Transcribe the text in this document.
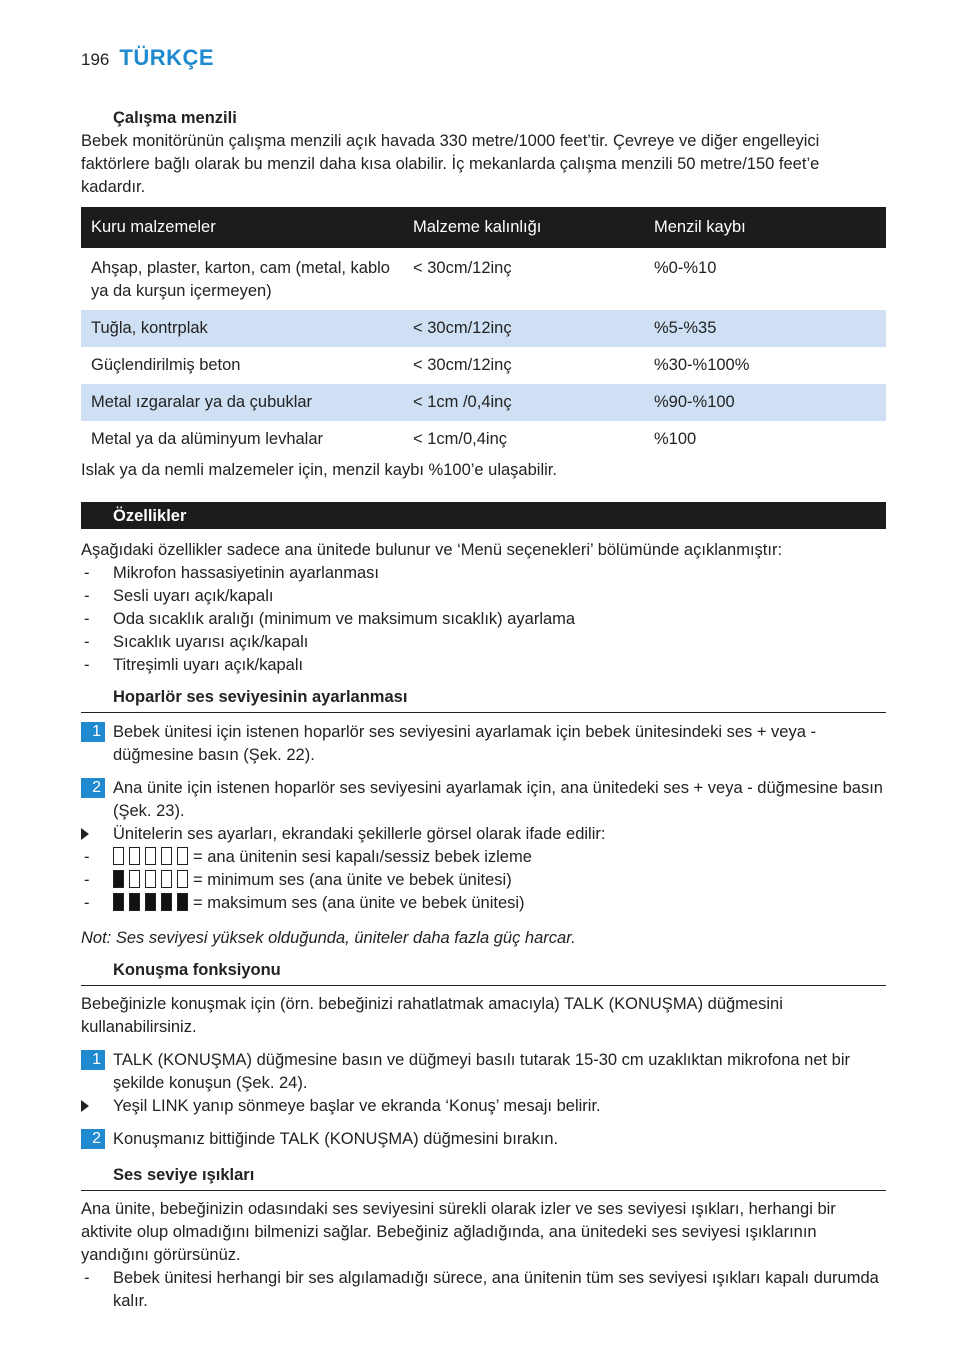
196 TÜRKÇE
Çalışma menzili

Bebek monitörünün çalışma menzili açık havada 330 metre/1000 feet’tir. Çevreye ve diğer engelleyici faktörlere bağlı olarak bu menzil daha kısa olabilir. İç mekanlarda çalışma menzili 50 metre/150 feet’e kadardır.

Kuru malzemeler	Malzeme kalınlığı	Menzil kaybı
Ahşap, plaster, karton, cam (metal, kablo ya da kurşun içermeyen)	< 30cm/12inç	%0-%10
Tuğla, kontrplak	< 30cm/12inç	%5-%35
Güçlendirilmiş beton	< 30cm/12inç	%30-%100%
Metal ızgaralar ya da çubuklar	< 1cm /0,4inç	%90-%100
Metal ya da alüminyum levhalar	< 1cm/0,4inç	%100

Islak ya da nemli malzemeler için, menzil kaybı %100’e ulaşabilir.

Özellikler

Aşağıdaki özellikler sadece ana ünitede bulunur ve ‘Menü seçenekleri’ bölümünde açıklanmıştır:

- Mikrofon hassasiyetinin ayarlanması
- Sesli uyarı açık/kapalı
- Oda sıcaklık aralığı (minimum ve maksimum sıcaklık) ayarlama
- Sıcaklık uyarısı açık/kapalı
- Titreşimli uyarı açık/kapalı
Hoparlör ses seviyesinin ayarlanması
1 Bebek ünitesi için istenen hoparlör ses seviyesini ayarlamak için bebek ünitesindeki ses + veya - düğmesine basın (Şek. 22).
2 Ana ünite için istenen hoparlör ses seviyesini ayarlamak için, ana ünitedeki ses + veya - düğmesine basın (Şek. 23).
Ünitelerin ses ayarları, ekrandaki şekillerle görsel olarak ifade edilir:
- = ana ünitenin sesi kapalı/sessiz bebek izleme
- = minimum ses (ana ünite ve bebek ünitesi)
- = maksimum ses (ana ünite ve bebek ünitesi)

Not: Ses seviyesi yüksek olduğunda, üniteler daha fazla güç harcar.

Konuşma fonksiyonu

Bebeğinizle konuşmak için (örn. bebeğinizi rahatlatmak amacıyla) TALK (KONUŞMA) düğmesini kullanabilirsiniz.

1 TALK (KONUŞMA) düğmesine basın ve düğmeyi basılı tutarak 15-30 cm uzaklıktan mikrofona net bir şekilde konuşun (Şek. 24).
Yeşil LINK yanıp sönmeye başlar ve ekranda ‘Konuş’ mesajı belirir.
2 Konuşmanız bittiğinde TALK (KONUŞMA) düğmesini bırakın.
Ses seviye ışıkları

Ana ünite, bebeğinizin odasındaki ses seviyesini sürekli olarak izler ve ses seviyesi ışıkları, herhangi bir aktivite olup olmadığını bilmenizi sağlar. Bebeğiniz ağladığında, ana ünitedeki ses seviyesi ışıklarının yandığını görürsünüz.

- Bebek ünitesi herhangi bir ses algılamadığı sürece, ana ünitenin tüm ses seviyesi ışıkları kapalı durumda kalır.
